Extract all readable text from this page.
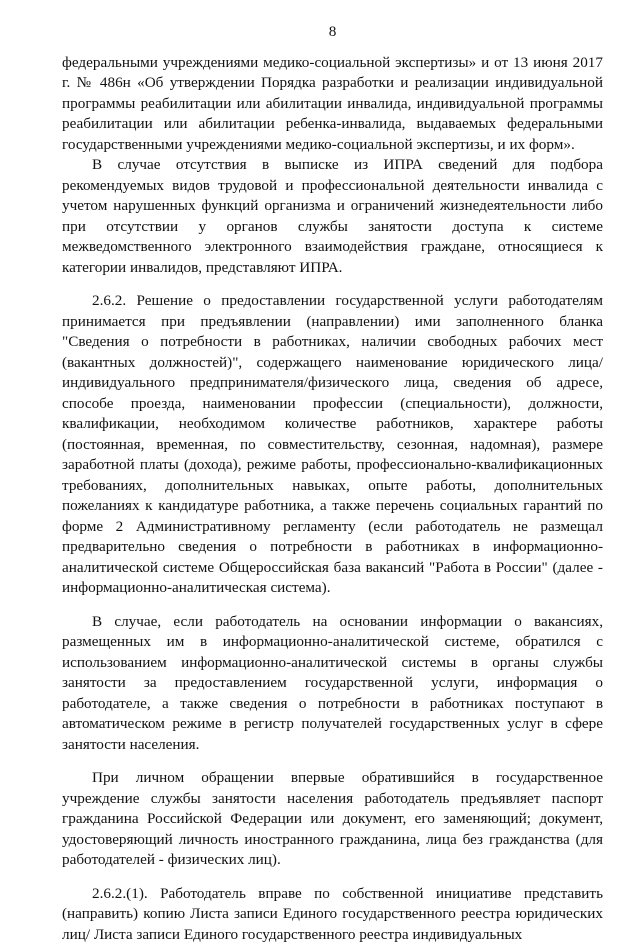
8

федеральными учреждениями медико-социальной экспертизы» и от 13 июня 2017 г. № 486н «Об утверждении Порядка разработки и реализации индивидуальной программы реабилитации или абилитации инвалида, индивидуальной программы реабилитации или абилитации ребенка-инвалида, выдаваемых федеральными государственными учреждениями медико-социальной экспертизы, и их форм».

В случае отсутствия в выписке из ИПРА сведений для подбора рекомендуемых видов трудовой и профессиональной деятельности инвалида с учетом нарушенных функций организма и ограничений жизнедеятельности либо при отсутствии у органов службы занятости доступа к системе межведомственного электронного взаимодействия граждане, относящиеся к категории инвалидов, представляют ИПРА.

2.6.2. Решение о предоставлении государственной услуги работодателям принимается при предъявлении (направлении) ими заполненного бланка "Сведения о потребности в работниках, наличии свободных рабочих мест (вакантных должностей)", содержащего наименование юридического лица/индивидуального предпринимателя/физического лица, сведения об адресе, способе проезда, наименовании профессии (специальности), должности, квалификации, необходимом количестве работников, характере работы (постоянная, временная, по совместительству, сезонная, надомная), размере заработной платы (дохода), режиме работы, профессионально-квалификационных требованиях, дополнительных навыках, опыте работы, дополнительных пожеланиях к кандидатуре работника, а также перечень социальных гарантий по форме 2 Административному регламенту (если работодатель не размещал предварительно сведения о потребности в работниках в информационно-аналитической системе Общероссийская база вакансий "Работа в России" (далее - информационно-аналитическая система).

В случае, если работодатель на основании информации о вакансиях, размещенных им в информационно-аналитической системе, обратился с использованием информационно-аналитической системы в органы службы занятости за предоставлением государственной услуги, информация о работодателе, а также сведения о потребности в работниках поступают в автоматическом режиме в регистр получателей государственных услуг в сфере занятости населения.

При личном обращении впервые обратившийся в государственное учреждение службы занятости населения работодатель предъявляет паспорт гражданина Российской Федерации или документ, его заменяющий; документ, удостоверяющий личность иностранного гражданина, лица без гражданства (для работодателей - физических лиц).

2.6.2.(1). Работодатель вправе по собственной инициативе представить (направить) копию Листа записи Единого государственного реестра юридических лиц/ Листа записи Единого государственного реестра индивидуальных
